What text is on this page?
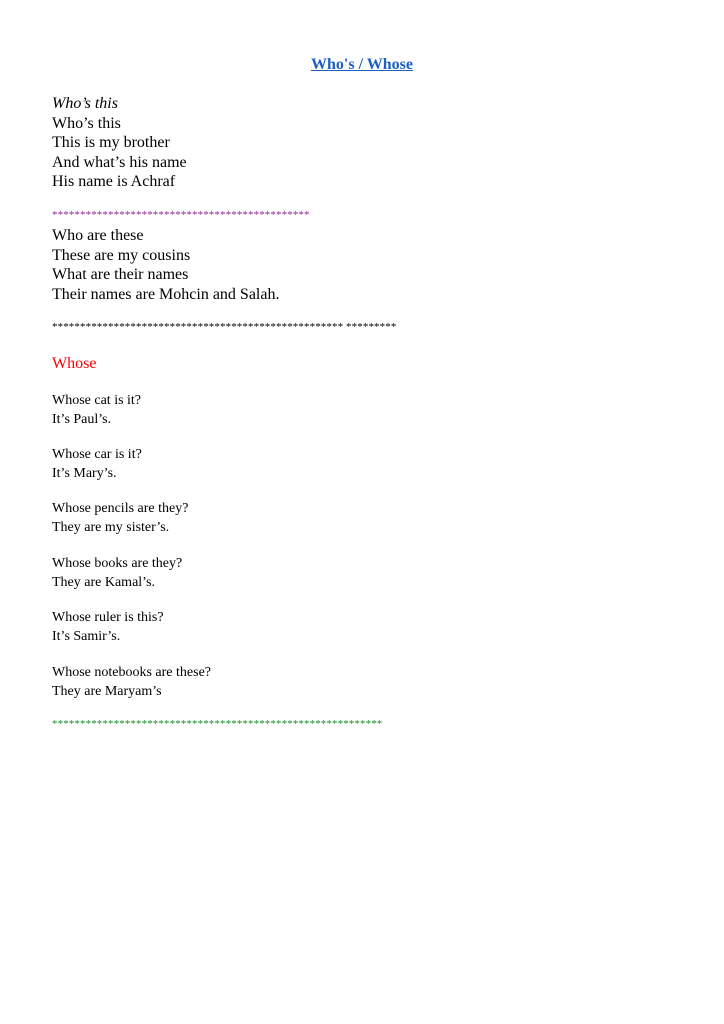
Who's / Whose
Who’s this
Who’s this
This is my brother
And what’s his name
His name is Achraf
**********************************************
Who are these
These are my cousins
What are their names
Their names are Mohcin and Salah.
**************************************************** *********
Whose
Whose cat is it?
It’s Paul’s.
Whose car is it?
It’s Mary’s.
Whose pencils are they?
They are my sister’s.
Whose books are they?
They are Kamal’s.
Whose ruler is this?
It’s Samir’s.
Whose notebooks are these?
They are Maryam’s
***********************************************************
